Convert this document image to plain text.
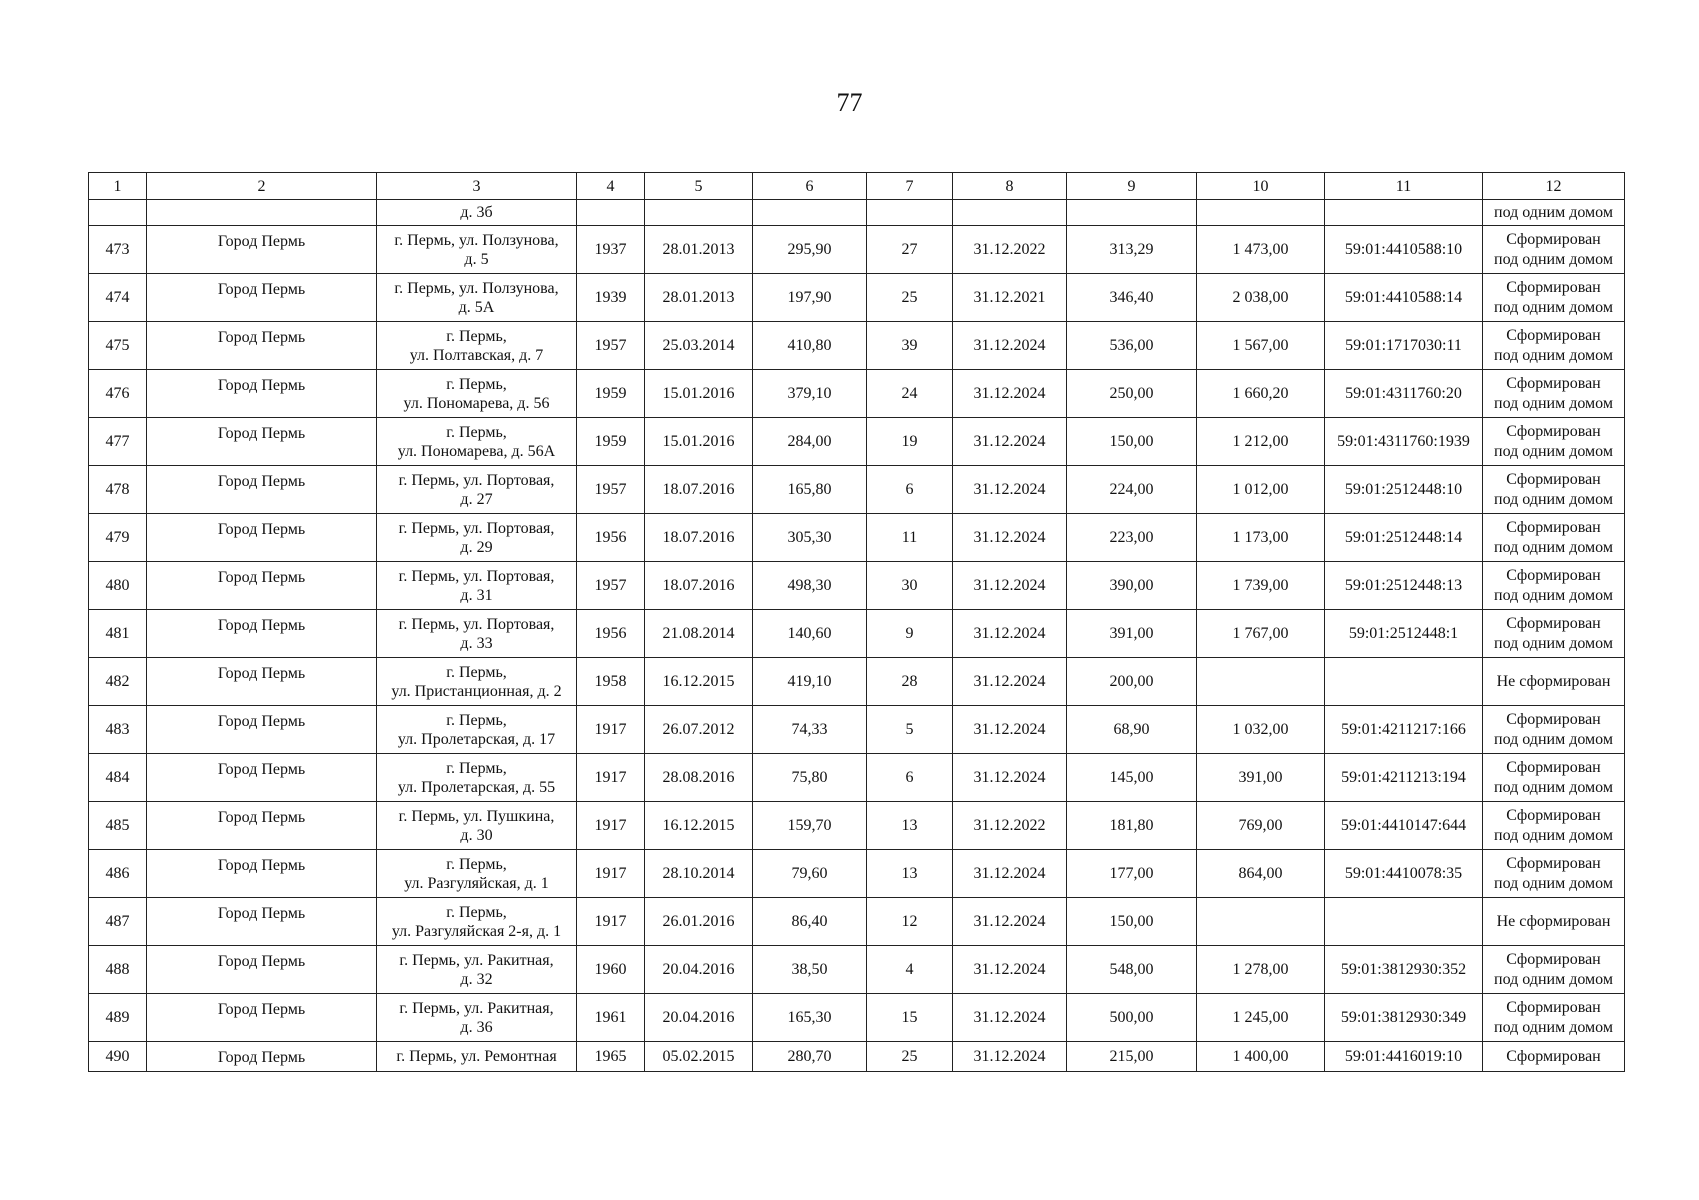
77
1	2	3	4	5	6	7	8	9	10	11	12
		д. 3б									под одним домом
473	Город Пермь	г. Пермь, ул. Ползунова,
д. 5	1937	28.01.2013	295,90	27	31.12.2022	313,29	1 473,00	59:01:4410588:10	Сформирован
под одним домом

474	Город Пермь	г. Пермь, ул. Ползунова,
д. 5А	1939	28.01.2013	197,90	25	31.12.2021	346,40	2 038,00	59:01:4410588:14	Сформирован
под одним домом

475	Город Пермь	г. Пермь,
ул. Полтавская, д. 7	1957	25.03.2014	410,80	39	31.12.2024	536,00	1 567,00	59:01:1717030:11	Сформирован
под одним домом

476	Город Пермь	г. Пермь,
ул. Пономарева, д. 56	1959	15.01.2016	379,10	24	31.12.2024	250,00	1 660,20	59:01:4311760:20	Сформирован
под одним домом

477	Город Пермь	г. Пермь,
ул. Пономарева, д. 56А	1959	15.01.2016	284,00	19	31.12.2024	150,00	1 212,00	59:01:4311760:1939	Сформирован
под одним домом

478	Город Пермь	г. Пермь, ул. Портовая,
д. 27	1957	18.07.2016	165,80	6	31.12.2024	224,00	1 012,00	59:01:2512448:10	Сформирован
под одним домом

479	Город Пермь	г. Пермь, ул. Портовая,
д. 29	1956	18.07.2016	305,30	11	31.12.2024	223,00	1 173,00	59:01:2512448:14	Сформирован
под одним домом

480	Город Пермь	г. Пермь, ул. Портовая,
д. 31	1957	18.07.2016	498,30	30	31.12.2024	390,00	1 739,00	59:01:2512448:13	Сформирован
под одним домом

481	Город Пермь	г. Пермь, ул. Портовая,
д. 33	1956	21.08.2014	140,60	9	31.12.2024	391,00	1 767,00	59:01:2512448:1	Сформирован
под одним домом

482	Город Пермь	г. Пермь,
ул. Пристанционная, д. 2	1958	16.12.2015	419,10	28	31.12.2024	200,00			Не сформирован

483	Город Пермь	г. Пермь,
ул. Пролетарская, д. 17	1917	26.07.2012	74,33	5	31.12.2024	68,90	1 032,00	59:01:4211217:166	Сформирован
под одним домом

484	Город Пермь	г. Пермь,
ул. Пролетарская, д. 55	1917	28.08.2016	75,80	6	31.12.2024	145,00	391,00	59:01:4211213:194	Сформирован
под одним домом

485	Город Пермь	г. Пермь, ул. Пушкина,
д. 30	1917	16.12.2015	159,70	13	31.12.2022	181,80	769,00	59:01:4410147:644	Сформирован
под одним домом

486	Город Пермь	г. Пермь,
ул. Разгуляйская, д. 1	1917	28.10.2014	79,60	13	31.12.2024	177,00	864,00	59:01:4410078:35	Сформирован
под одним домом

487	Город Пермь	г. Пермь,
ул. Разгуляйская 2-я, д. 1	1917	26.01.2016	86,40	12	31.12.2024	150,00			Не сформирован

488	Город Пермь	г. Пермь, ул. Ракитная,
д. 32	1960	20.04.2016	38,50	4	31.12.2024	548,00	1 278,00	59:01:3812930:352	Сформирован
под одним домом

489	Город Пермь	г. Пермь, ул. Ракитная,
д. 36	1961	20.04.2016	165,30	15	31.12.2024	500,00	1 245,00	59:01:3812930:349	Сформирован
под одним домом

490	Город Пермь	г. Пермь, ул. Ремонтная	1965	05.02.2015	280,70	25	31.12.2024	215,00	1 400,00	59:01:4416019:10	Сформирован
